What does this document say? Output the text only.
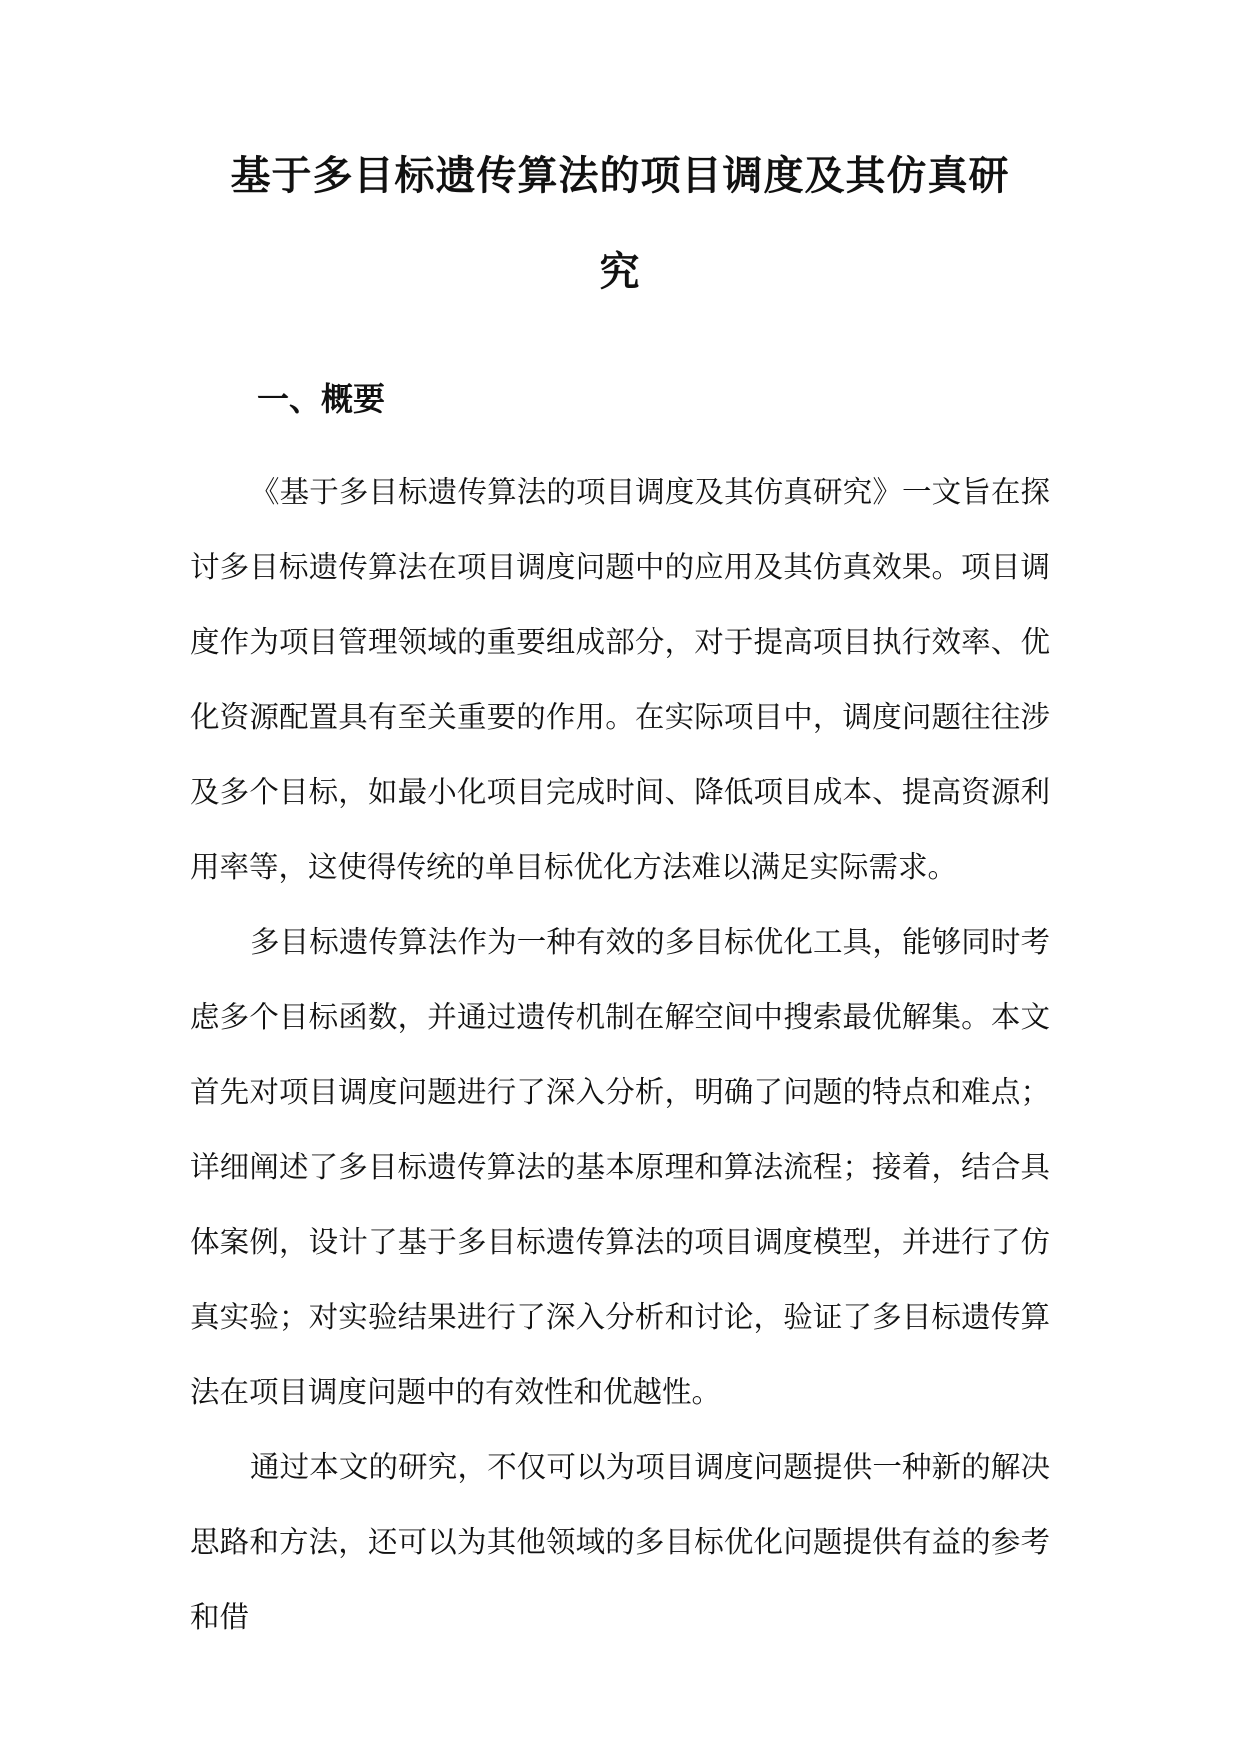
基于多目标遗传算法的项目调度及其仿真研
究
一、概要

《基于多目标遗传算法的项目调度及其仿真研究》一文旨在探讨多目标遗传算法在项目调度问题中的应用及其仿真效果。项目调度作为项目管理领域的重要组成部分，对于提高项目执行效率、优化资源配置具有至关重要的作用。在实际项目中，调度问题往往涉及多个目标，如最小化项目完成时间、降低项目成本、提高资源利用率等，这使得传统的单目标优化方法难以满足实际需求。

多目标遗传算法作为一种有效的多目标优化工具，能够同时考虑多个目标函数，并通过遗传机制在解空间中搜索最优解集。本文首先对项目调度问题进行了深入分析，明确了问题的特点和难点；详细阐述了多目标遗传算法的基本原理和算法流程；接着，结合具体案例，设计了基于多目标遗传算法的项目调度模型，并进行了仿真实验；对实验结果进行了深入分析和讨论，验证了多目标遗传算法在项目调度问题中的有效性和优越性。

通过本文的研究，不仅可以为项目调度问题提供一种新的解决思路和方法，还可以为其他领域的多目标优化问题提供有益的参考和借
